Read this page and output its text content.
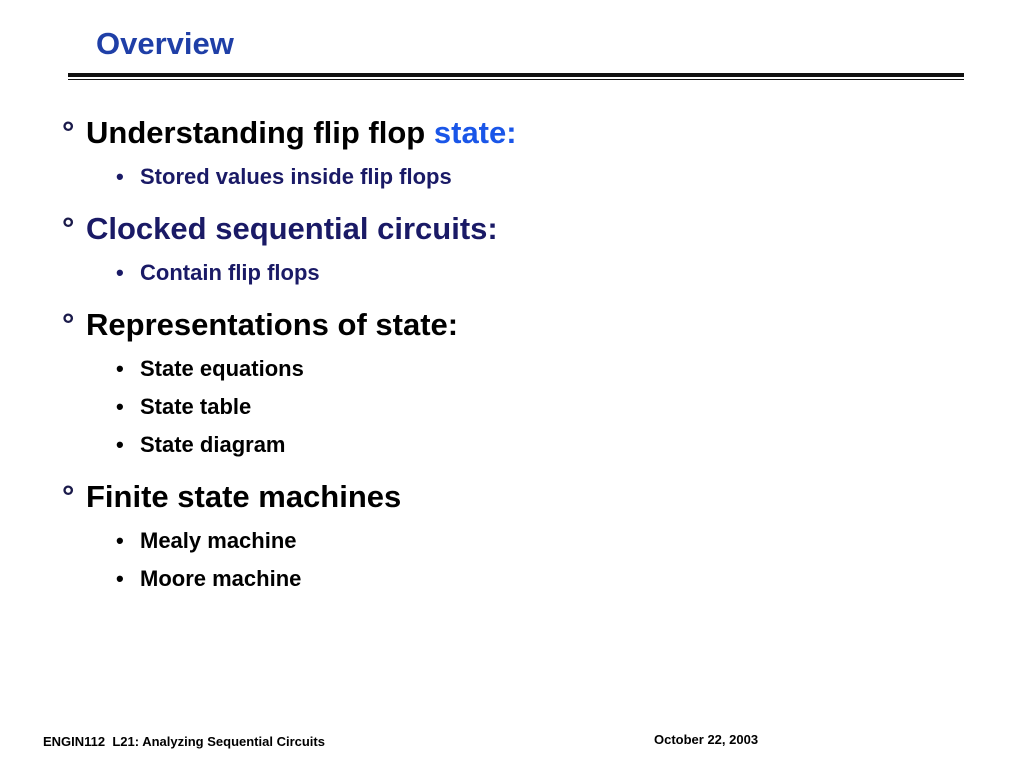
Overview
° Understanding flip flop state:
• Stored values inside flip flops
° Clocked sequential circuits:
• Contain flip flops
° Representations of state:
• State equations
• State table
• State diagram
° Finite state machines
• Mealy machine
• Moore machine
ENGIN112  L21: Analyzing Sequential Circuits	October 22, 2003
